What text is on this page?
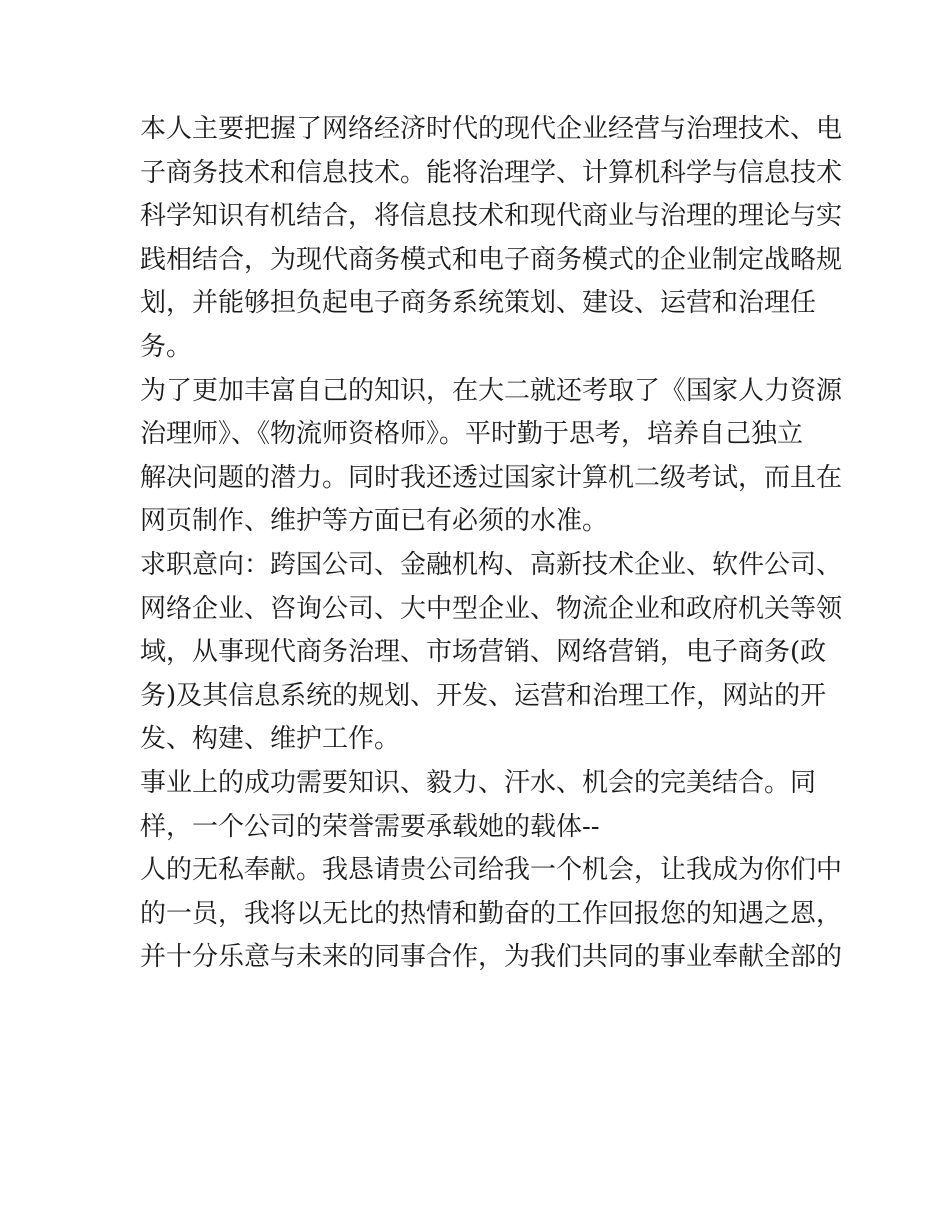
本人主要把握了网络经济时代的现代企业经营与治理技术、电
子商务技术和信息技术。能将治理学、计算机科学与信息技术
科学知识有机结合，将信息技术和现代商业与治理的理论与实
践相结合，为现代商务模式和电子商务模式的企业制定战略规
划，并能够担负起电子商务系统策划、建设、运营和治理任
务。
为了更加丰富自己的知识，在大二就还考取了《国家人力资源
治理师》、《物流师资格师》。平时勤于思考，培养自己独立
解决问题的潜力。同时我还透过国家计算机二级考试，而且在
网页制作、维护等方面已有必须的水准。
求职意向：跨国公司、金融机构、高新技术企业、软件公司、
网络企业、咨询公司、大中型企业、物流企业和政府机关等领
域，从事现代商务治理、市场营销、网络营销，电子商务(政
务)及其信息系统的规划、开发、运营和治理工作，网站的开
发、构建、维护工作。
事业上的成功需要知识、毅力、汗水、机会的完美结合。同
样，一个公司的荣誉需要承载她的载体--
人的无私奉献。我恳请贵公司给我一个机会，让我成为你们中
的一员，我将以无比的热情和勤奋的工作回报您的知遇之恩，
并十分乐意与未来的同事合作，为我们共同的事业奉献全部的
